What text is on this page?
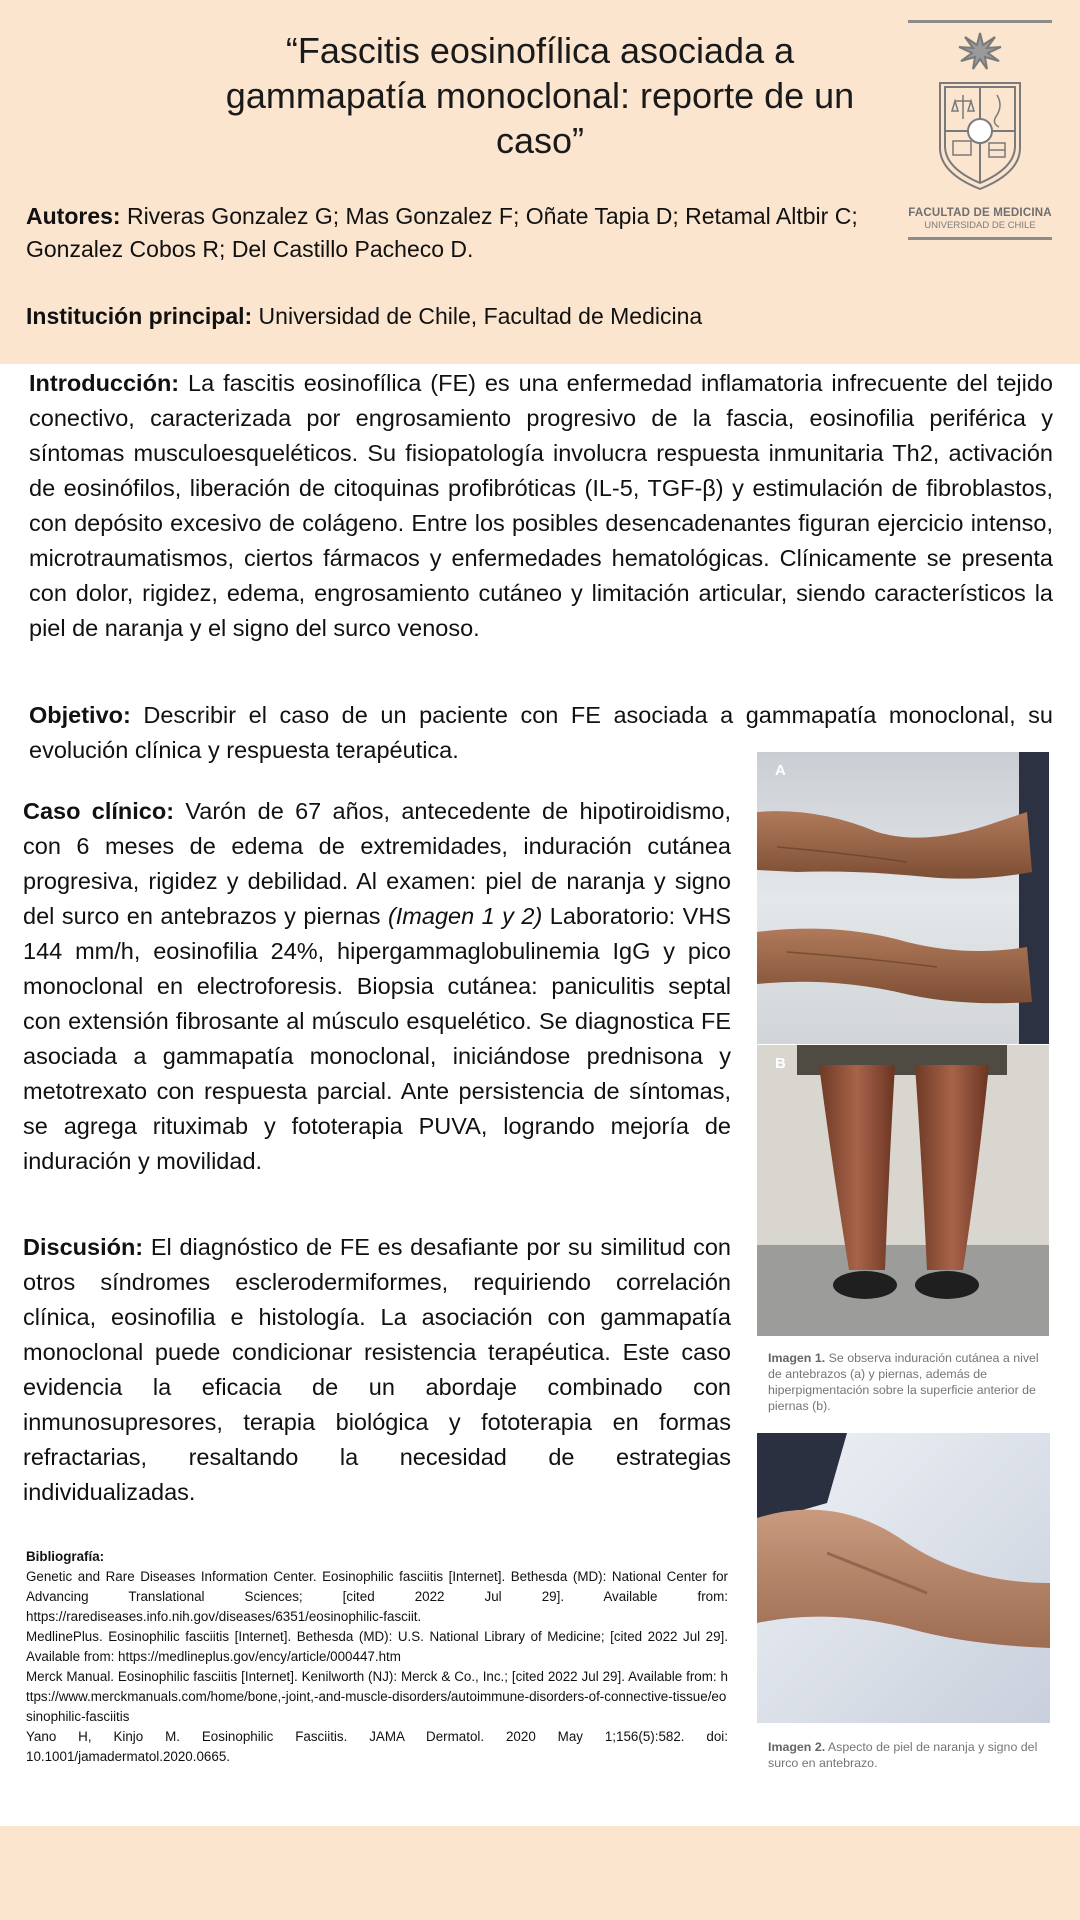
“Fascitis eosinofílica asociada a gammapatía monoclonal: reporte de un caso”
Autores: Riveras Gonzalez G; Mas Gonzalez F; Oñate Tapia D; Retamal Altbir C; Gonzalez Cobos R; Del Castillo Pacheco D.
Institución principal: Universidad de Chile, Facultad de Medicina
FACULTAD DE MEDICINA
UNIVERSIDAD DE CHILE
Introducción: La fascitis eosinofílica (FE) es una enfermedad inflamatoria infrecuente del tejido conectivo, caracterizada por engrosamiento progresivo de la fascia, eosinofilia periférica y síntomas musculoesqueléticos. Su fisiopatología involucra respuesta inmunitaria Th2, activación de eosinófilos, liberación de citoquinas profibróticas (IL-5, TGF-β) y estimulación de fibroblastos, con depósito excesivo de colágeno. Entre los posibles desencadenantes figuran ejercicio intenso, microtraumatismos, ciertos fármacos y enfermedades hematológicas. Clínicamente se presenta con dolor, rigidez, edema, engrosamiento cutáneo y limitación articular, siendo característicos la piel de naranja y el signo del surco venoso.
Objetivo: Describir el caso de un paciente con FE asociada a gammapatía monoclonal, su evolución clínica y respuesta terapéutica.
Caso clínico: Varón de 67 años, antecedente de hipotiroidismo, con 6 meses de edema de extremidades, induración cutánea progresiva, rigidez y debilidad. Al examen: piel de naranja y signo del surco en antebrazos y piernas (Imagen 1 y 2) Laboratorio: VHS 144 mm/h, eosinofilia 24%, hipergammaglobulinemia IgG y pico monoclonal en electroforesis. Biopsia cutánea: paniculitis septal con extensión fibrosante al músculo esquelético. Se diagnostica FE asociada a gammapatía monoclonal, iniciándose prednisona y metotrexato con respuesta parcial. Ante persistencia de síntomas, se agrega rituximab y fototerapia PUVA, logrando mejoría de induración y movilidad.
Discusión: El diagnóstico de FE es desafiante por su similitud con otros síndromes esclerodermiformes, requiriendo correlación clínica, eosinofilia e histología. La asociación con gammapatía monoclonal puede condicionar resistencia terapéutica. Este caso evidencia la eficacia de un abordaje combinado con inmunosupresores, terapia biológica y fototerapia en formas refractarias, resaltando la necesidad de estrategias individualizadas.
Bibliografía:
Genetic and Rare Diseases Information Center. Eosinophilic fasciitis [Internet]. Bethesda (MD): National Center for Advancing Translational Sciences; [cited 2022 Jul 29]. Available from: https://rarediseases.info.nih.gov/diseases/6351/eosinophilic-fasciit.
MedlinePlus. Eosinophilic fasciitis [Internet]. Bethesda (MD): U.S. National Library of Medicine; [cited 2022 Jul 29]. Available from: https://medlineplus.gov/ency/article/000447.htm
Merck Manual. Eosinophilic fasciitis [Internet]. Kenilworth (NJ): Merck & Co., Inc.; [cited 2022 Jul 29]. Available from: https://www.merckmanuals.com/home/bone,-joint,-and-muscle-disorders/autoimmune-disorders-of-connective-tissue/eosinophilic-fasciitis
Yano H, Kinjo M. Eosinophilic Fasciitis. JAMA Dermatol. 2020 May 1;156(5):582. doi: 10.1001/jamadermatol.2020.0665.
A
B
Imagen 1. Se observa induración cutánea a nivel de antebrazos (a) y piernas, además de hiperpigmentación sobre la superficie anterior de piernas (b).
Imagen 2. Aspecto de piel de naranja y signo del surco en antebrazo.
